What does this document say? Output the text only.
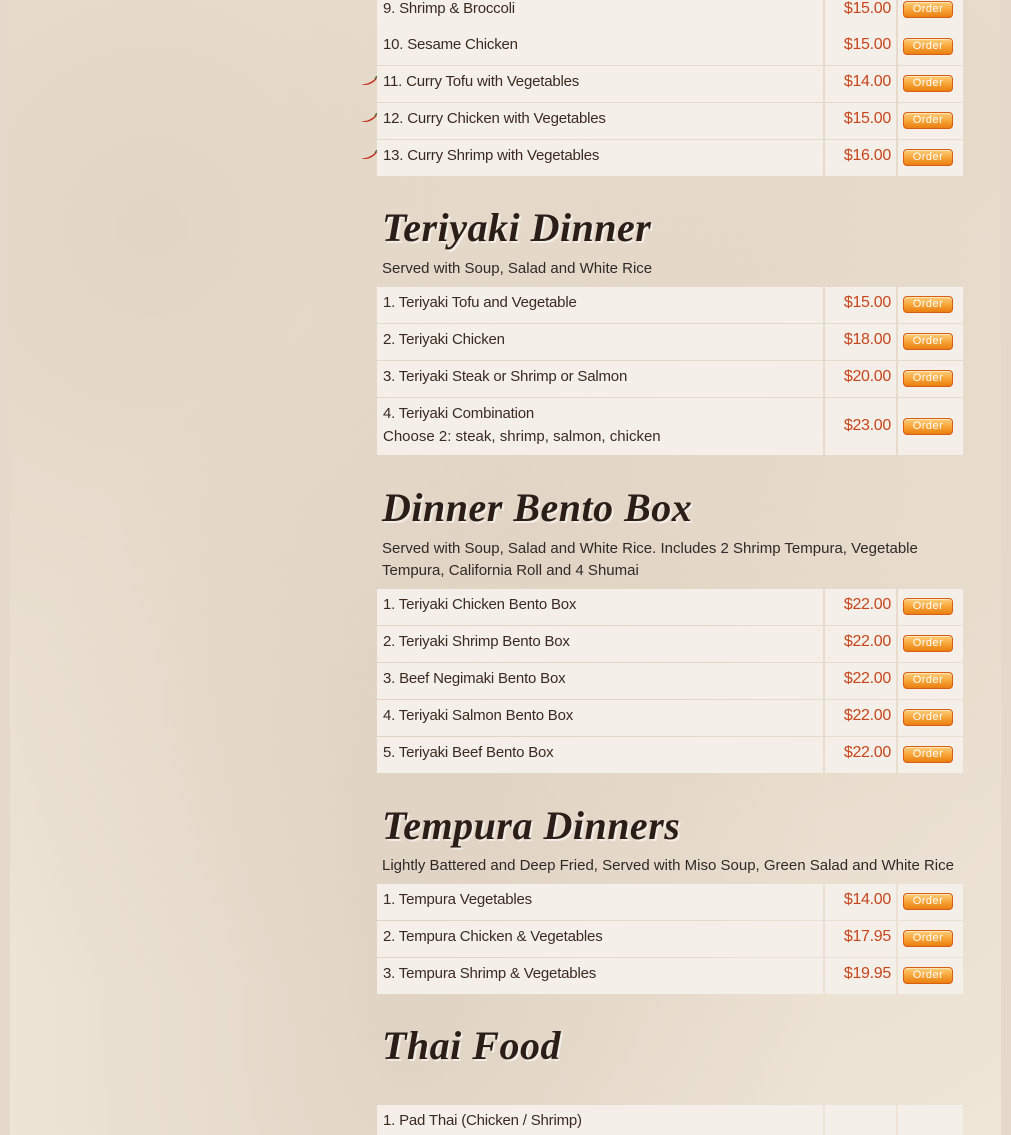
9. Shrimp & Broccoli	$15.00	Order
10. Sesame Chicken	$15.00	Order
11. Curry Tofu with Vegetables	$14.00	Order
12. Curry Chicken with Vegetables	$15.00	Order
13. Curry Shrimp with Vegetables	$16.00	Order
Teriyaki Dinner
Served with Soup, Salad and White Rice
1. Teriyaki Tofu and Vegetable	$15.00	Order
2. Teriyaki Chicken	$18.00	Order
3. Teriyaki Steak or Shrimp or Salmon	$20.00	Order
4. Teriyaki Combination
Choose 2: steak, shrimp, salmon, chicken
$23.00	Order
Dinner Bento Box
Served with Soup, Salad and White Rice. Includes 2 Shrimp Tempura, Vegetable Tempura, California Roll and 4 Shumai
1. Teriyaki Chicken Bento Box	$22.00	Order
2. Teriyaki Shrimp Bento Box	$22.00	Order
3. Beef Negimaki Bento Box	$22.00	Order
4. Teriyaki Salmon Bento Box	$22.00	Order
5. Teriyaki Beef Bento Box	$22.00	Order
Tempura Dinners
Lightly Battered and Deep Fried, Served with Miso Soup, Green Salad and White Rice
1. Tempura Vegetables	$14.00	Order
2. Tempura Chicken & Vegetables	$17.95	Order
3. Tempura Shrimp & Vegetables	$19.95	Order
Thai Food
1. Pad Thai (Chicken / Shrimp)
